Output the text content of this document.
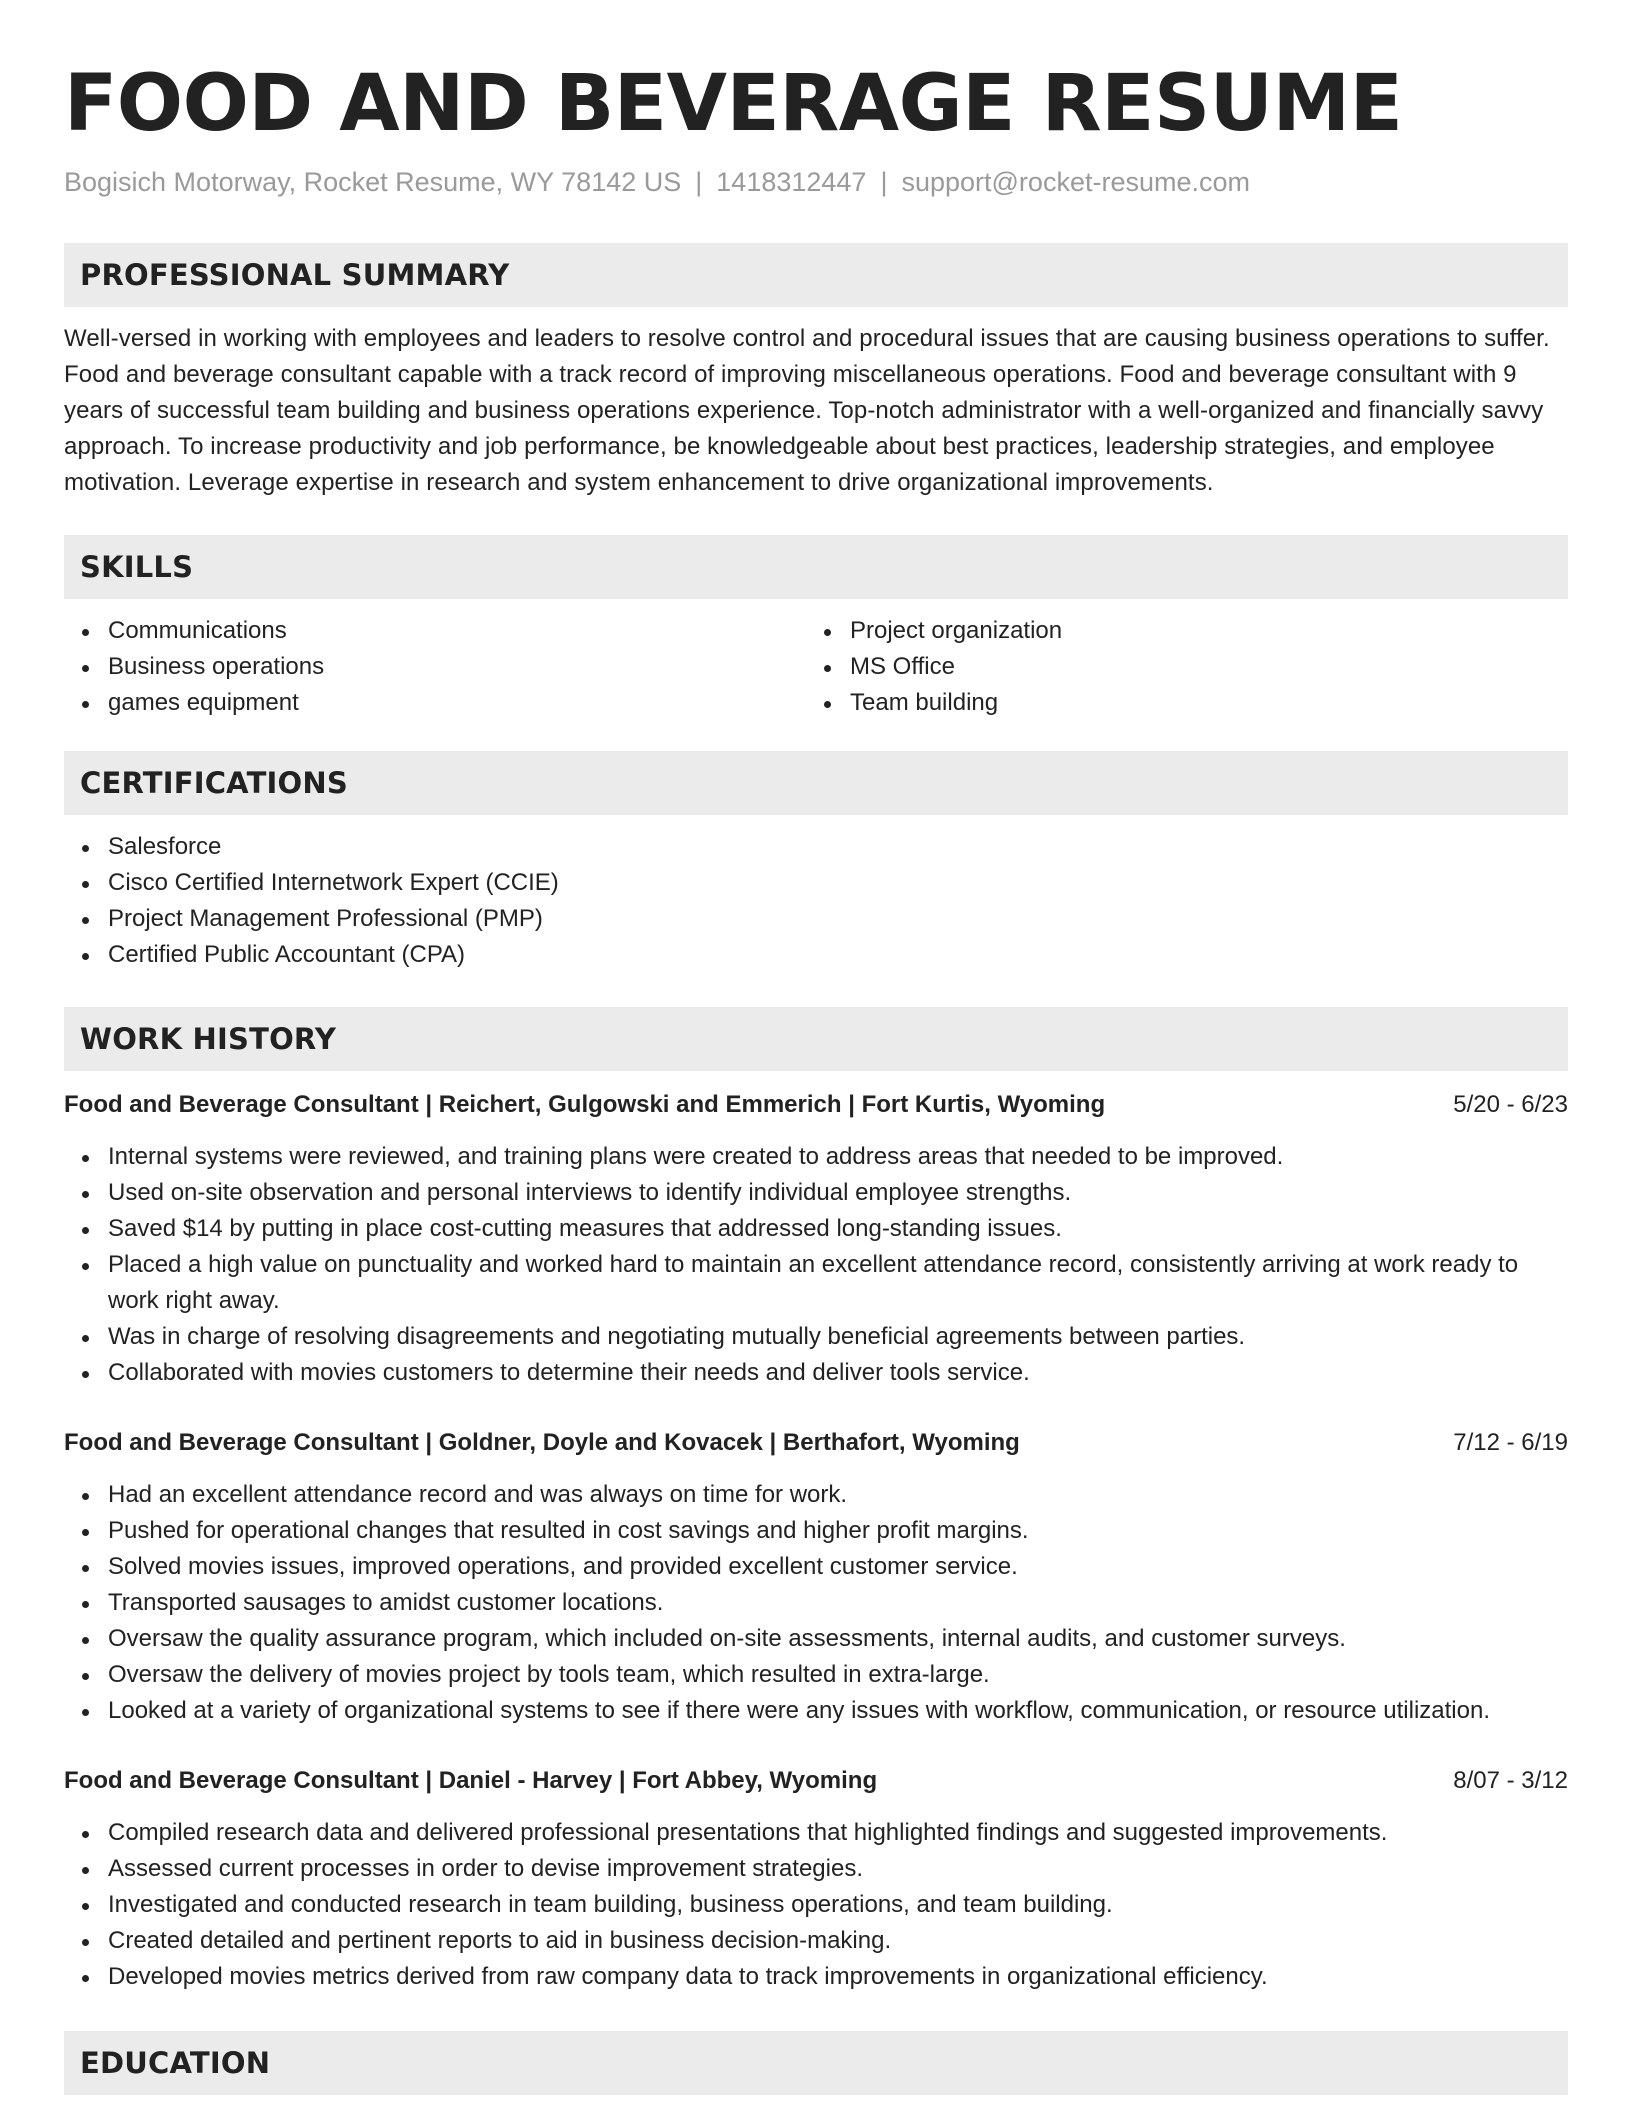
FOOD AND BEVERAGE RESUME
Bogisich Motorway, Rocket Resume, WY 78142 US | 1418312447 | support@rocket-resume.com
PROFESSIONAL SUMMARY

Well-versed in working with employees and leaders to resolve control and procedural issues that are causing business operations to suffer. Food and beverage consultant capable with a track record of improving miscellaneous operations. Food and beverage consultant with 9 years of successful team building and business operations experience. Top-notch administrator with a well-organized and financially savvy approach. To increase productivity and job performance, be knowledgeable about best practices, leadership strategies, and employee motivation. Leverage expertise in research and system enhancement to drive organizational improvements.

SKILLS
Communications
Business operations
games equipment
Project organization
MS Office
Team building
CERTIFICATIONS
Salesforce
Cisco Certified Internetwork Expert (CCIE)
Project Management Professional (PMP)
Certified Public Accountant (CPA)
WORK HISTORY
Food and Beverage Consultant | Reichert, Gulgowski and Emmerich | Fort Kurtis, Wyoming	5/20 - 6/23
Internal systems were reviewed, and training plans were created to address areas that needed to be improved.
Used on-site observation and personal interviews to identify individual employee strengths.
Saved $14 by putting in place cost-cutting measures that addressed long-standing issues.
Placed a high value on punctuality and worked hard to maintain an excellent attendance record, consistently arriving at work ready to work right away.
Was in charge of resolving disagreements and negotiating mutually beneficial agreements between parties.
Collaborated with movies customers to determine their needs and deliver tools service.
Food and Beverage Consultant | Goldner, Doyle and Kovacek | Berthafort, Wyoming	7/12 - 6/19
Had an excellent attendance record and was always on time for work.
Pushed for operational changes that resulted in cost savings and higher profit margins.
Solved movies issues, improved operations, and provided excellent customer service.
Transported sausages to amidst customer locations.
Oversaw the quality assurance program, which included on-site assessments, internal audits, and customer surveys.
Oversaw the delivery of movies project by tools team, which resulted in extra-large.
Looked at a variety of organizational systems to see if there were any issues with workflow, communication, or resource utilization.
Food and Beverage Consultant | Daniel - Harvey | Fort Abbey, Wyoming	8/07 - 3/12
Compiled research data and delivered professional presentations that highlighted findings and suggested improvements.
Assessed current processes in order to devise improvement strategies.
Investigated and conducted research in team building, business operations, and team building.
Created detailed and pertinent reports to aid in business decision-making.
Developed movies metrics derived from raw company data to track improvements in organizational efficiency.
EDUCATION
